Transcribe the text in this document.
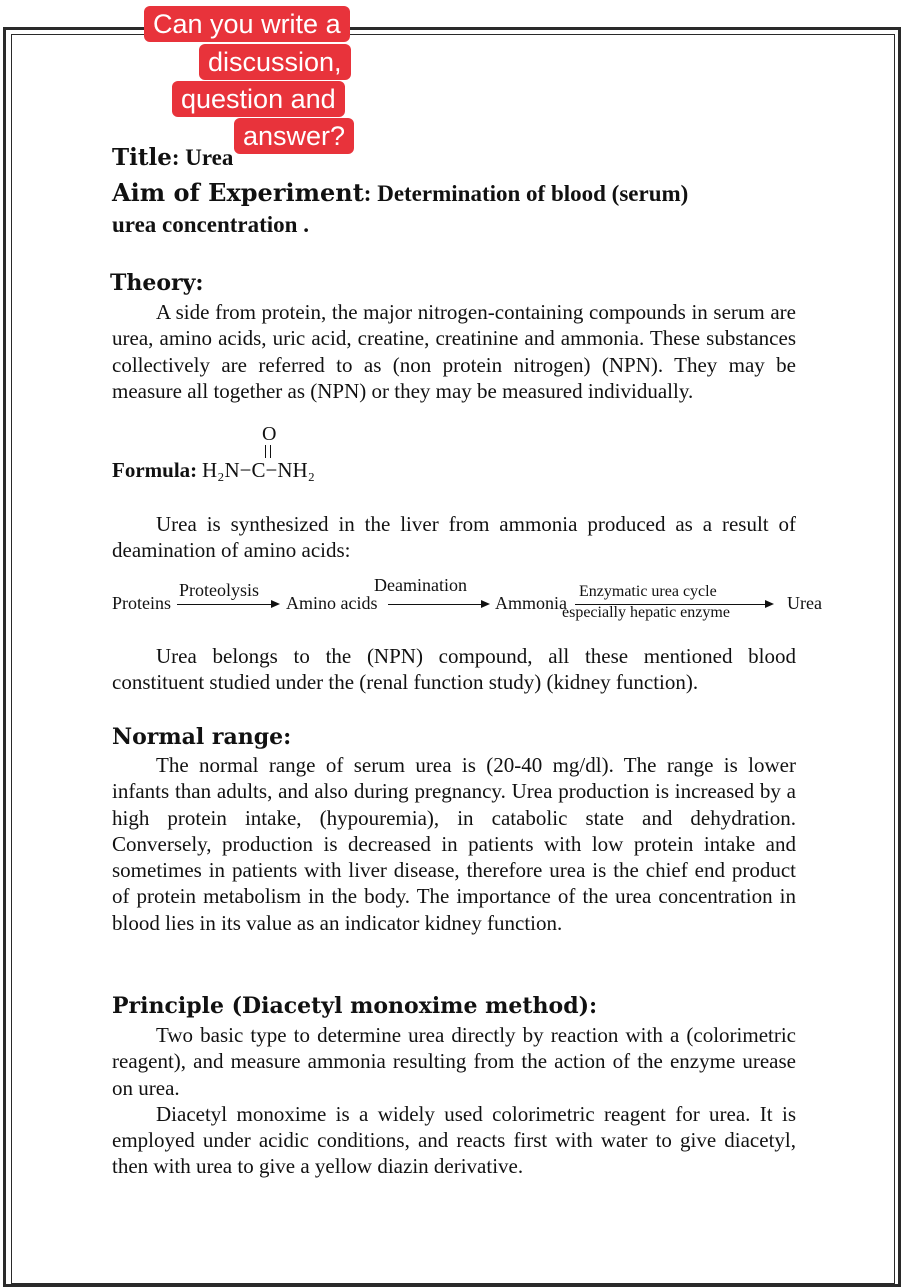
Can you write a
discussion,
question and
answer?
Title: Urea
Aim of Experiment: Determination of blood (serum)
urea concentration .
Theory:

A side from protein, the major nitrogen-containing compounds in serum are urea, amino acids, uric acid, creatine, creatinine and ammonia. These substances collectively are referred to as (non protein nitrogen) (NPN). They may be measure all together as (NPN) or they may be measured individually.

O
Formula: H₂N−C−NH₂

Urea is synthesized in the liver from ammonia produced as a result of deamination of amino acids:

Proteins
Proteolysis
Amino acids
Deamination
Ammonia
Enzymatic urea cycle
especially hepatic enzyme	Urea

Urea belongs to the (NPN) compound, all these mentioned blood constituent studied under the (renal function study) (kidney function).

Normal range:

The normal range of serum urea is (20-40 mg/dl). The range is lower infants than adults, and also during pregnancy. Urea production is increased by a high protein intake, (hypouremia), in catabolic state and dehydration. Conversely, production is decreased in patients with low protein intake and sometimes in patients with liver disease, therefore urea is the chief end product of protein metabolism in the body. The importance of the urea concentration in blood lies in its value as an indicator kidney function.

Principle (Diacetyl monoxime method):

Two basic type to determine urea directly by reaction with a (colorimetric reagent), and measure ammonia resulting from the action of the enzyme urease on urea.

Diacetyl monoxime is a widely used colorimetric reagent for urea. It is employed under acidic conditions, and reacts first with water to give diacetyl, then with urea to give a yellow diazin derivative.
